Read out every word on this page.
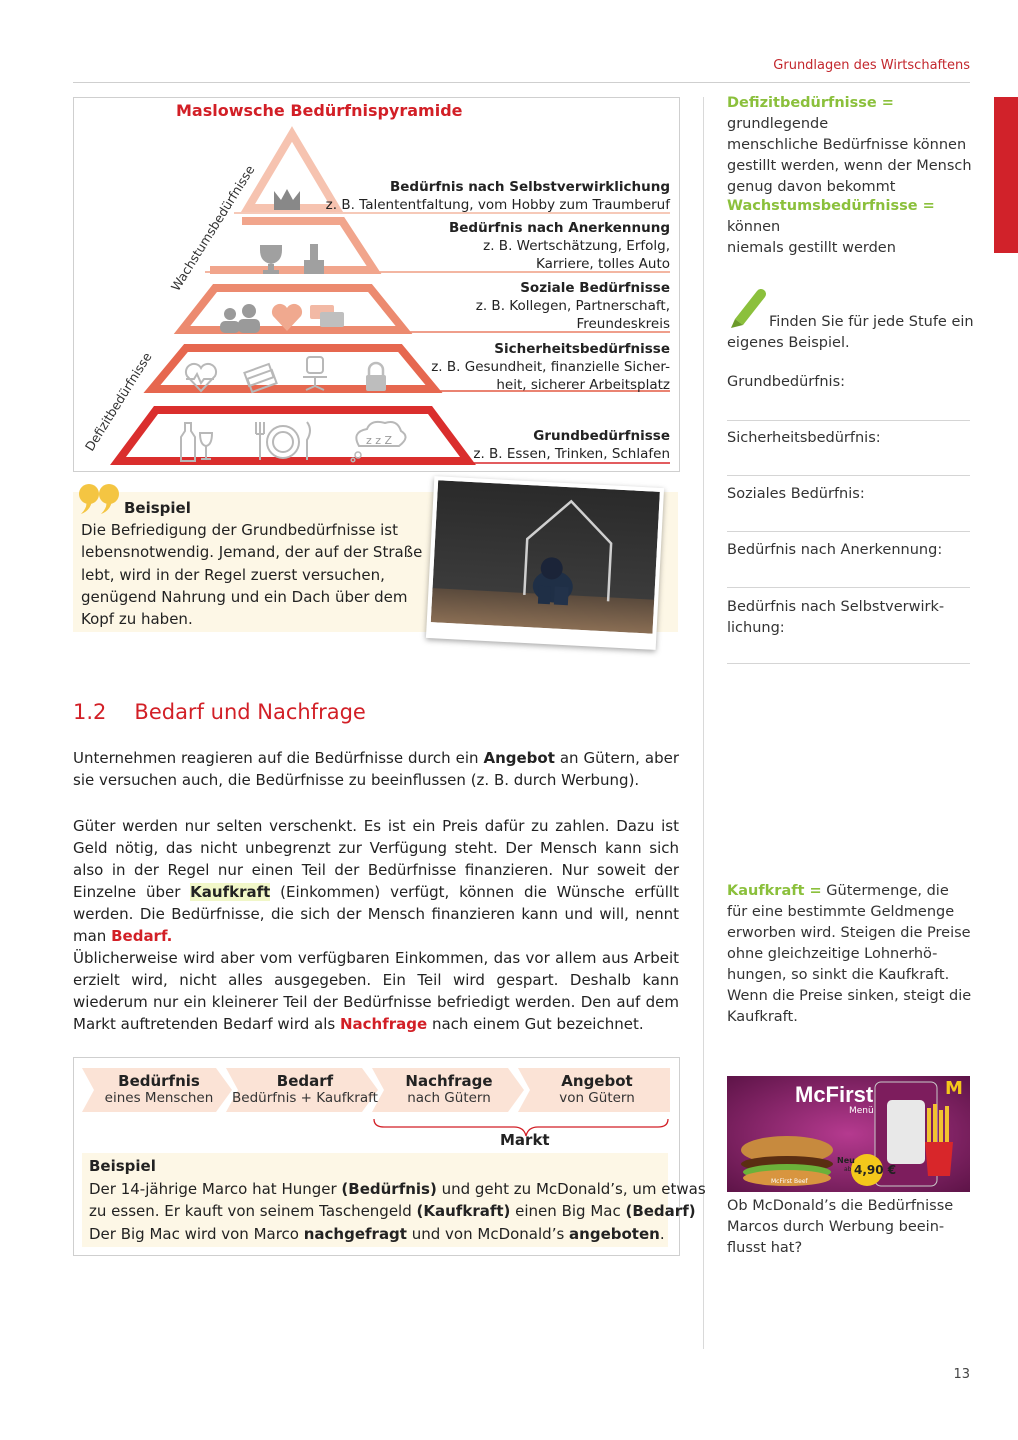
Grundlagen des Wirtschaftens
Maslowsche Bedürfnispyramide
z z Z
Wachstumsbedürfnisse
Defizitbedürfnisse
Bedürfnis nach Selbstverwirklichung
z. B. Talententfaltung, vom Hobby zum Traumberuf
Bedürfnis nach Anerkennung
z. B. Wertschätzung, Erfolg,
Karriere, tolles Auto
Soziale Bedürfnisse
z. B. Kollegen, Partnerschaft,
Freundeskreis
Sicherheitsbedürfnisse
z. B. Gesundheit, finanzielle Sicher-
heit, sicherer Arbeitsplatz
Grundbedürfnisse
z. B. Essen, Trinken, Schlafen
Beispiel
Die Befriedigung der Grundbedürfnisse ist
lebensnotwendig. Jemand, der auf der Straße
lebt, wird in der Regel zuerst versuchen,
genügend Nahrung und ein Dach über dem
Kopf zu haben.
1.2 Bedarf und Nachfrage
Unternehmen reagieren auf die Bedürfnisse durch ein Angebot an Gütern, aber sie versuchen auch, die Bedürfnisse zu beeinflussen (z. B. durch Werbung).
Güter werden nur selten verschenkt. Es ist ein Preis dafür zu zahlen. Dazu ist Geld nötig, das nicht unbegrenzt zur Verfügung steht. Der Mensch kann sich also in der Regel nur einen Teil der Bedürfnisse finanzieren. Nur soweit der Einzelne über Kaufkraft (Einkommen) verfügt, können die Wünsche erfüllt werden. Die Bedürfnisse, die sich der Mensch finanzieren kann und will, nennt man Bedarf.
Üblicherweise wird aber vom verfügbaren Einkommen, das vor allem aus Arbeit erzielt wird, nicht alles ausgegeben. Ein Teil wird gespart. Deshalb kann wiederum nur ein kleinerer Teil der Bedürfnisse befriedigt werden. Den auf dem Markt auftretenden Bedarf wird als Nachfrage nach einem Gut bezeichnet.
Bedürfnis
eines Menschen
Bedarf
Bedürfnis + Kaufkraft
Nachfrage
nach Gütern
Angebot
von Gütern
Markt
Beispiel
Der 14-jährige Marco hat Hunger (Bedürfnis) und geht zu McDonald’s, um etwas
zu essen. Er kauft von seinem Taschengeld (Kaufkraft) einen Big Mac (Bedarf)
Der Big Mac wird von Marco nachgefragt und von McDonald’s angeboten.
Defizitbedürfnisse = grundlegende
menschliche Bedürfnisse können
gestillt werden, wenn der Mensch
genug davon bekommt
Wachstumsbedürfnisse = können
niemals gestillt werden
Finden Sie für jede Stufe ein
eigenes Beispiel.
Grundbedürfnis:
Sicherheitsbedürfnis:
Soziales Bedürfnis:
Bedürfnis nach Anerkennung:
Bedürfnis nach Selbstverwirk-
lichung:
Kaufkraft = Gütermenge, die
für eine bestimmte Geldmenge
erworben wird. Steigen die Preise
ohne gleichzeitige Lohnerhö-
hungen, so sinkt die Kaufkraft.
Wenn die Preise sinken, steigt die
Kaufkraft.
McFirst
Menü
M
Neu
ab 4,90 €
McFirst Beef
Ob McDonald’s die Bedürfnisse
Marcos durch Werbung beein-
flusst hat?
13
